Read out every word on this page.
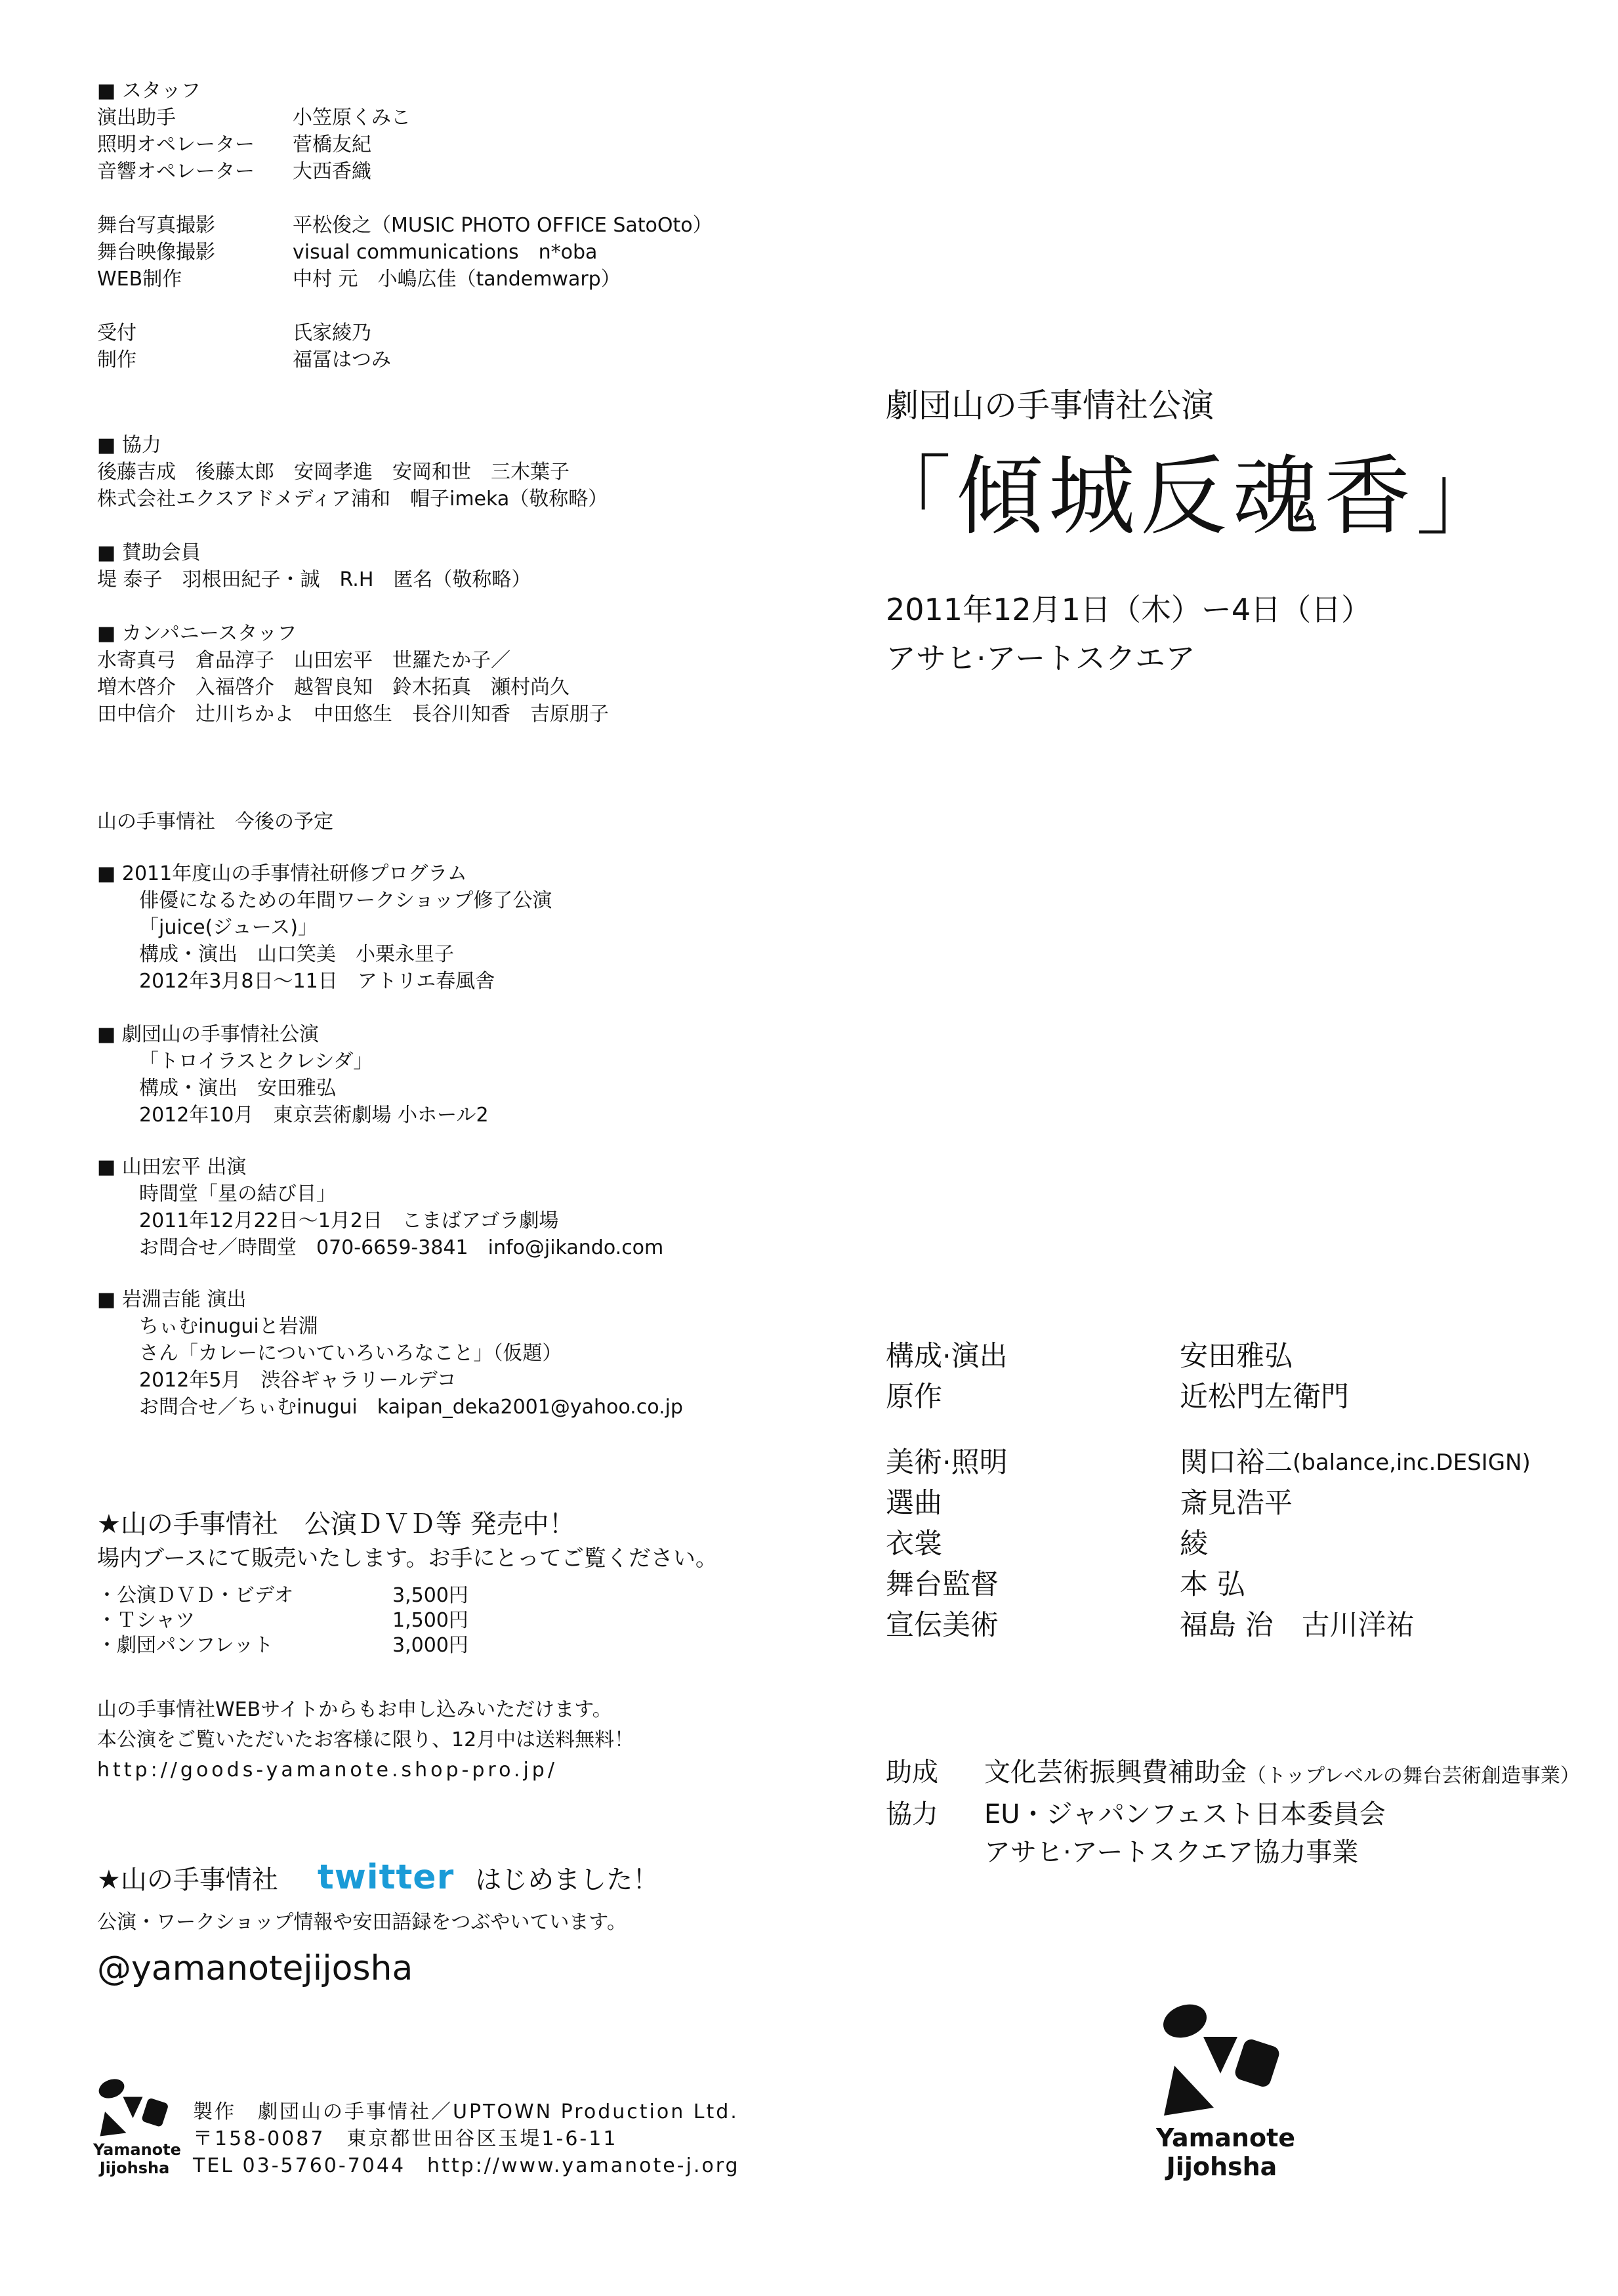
■ スタッフ
演出助手	小笠原くみこ
照明オペレーター	菅橋友紀
音響オペレーター	大西香織
舞台写真撮影	平松俊之（MUSIC PHOTO OFFICE SatoOto）
舞台映像撮影	visual communications　n*oba
WEB制作	中村 元　小嶋広佳（tandemwarp）
受付	氏家綾乃
制作	福冨はつみ
■ 協力
後藤吉成　後藤太郎　安岡孝進　安岡和世　三木葉子
株式会社エクスアドメディア浦和　帽子imeka（敬称略）
■ 賛助会員
堤 泰子　羽根田紀子・誠　R.H　匿名（敬称略）
■ カンパニースタッフ
水寄真弓　倉品淳子　山田宏平　世羅たか子／
増木啓介　入福啓介　越智良知　鈴木拓真　瀬村尚久
田中信介　辻川ちかよ　中田悠生　長谷川知香　吉原朋子
山の手事情社　今後の予定
■ 2011年度山の手事情社研修プログラム
俳優になるための年間ワークショップ修了公演
「juice(ジュース)」
構成・演出　山口笑美　小栗永里子
2012年3月8日～11日　アトリエ春風舎
■ 劇団山の手事情社公演
「トロイラスとクレシダ」
構成・演出　安田雅弘
2012年10月　東京芸術劇場 小ホール2
■ 山田宏平 出演
時間堂「星の結び目」
2011年12月22日～1月2日　こまばアゴラ劇場
お問合せ／時間堂　070-6659-3841　info@jikando.com
■ 岩淵吉能 演出
ちぃむinuguiと岩淵
さん「カレーについていろいろなこと」（仮題）
2012年5月　渋谷ギャラリールデコ
お問合せ／ちぃむinugui　kaipan_deka2001@yahoo.co.jp
★山の手事情社　公演ＤＶＤ等 発売中！
場内ブースにて販売いたします。お手にとってご覧ください。
・公演ＤＶＤ・ビデオ	3,500円
・Ｔシャツ	1,500円
・劇団パンフレット	3,000円
山の手事情社WEBサイトからもお申し込みいただけます。
本公演をご覧いただいたお客様に限り、12月中は送料無料！
http://goods-yamanote.shop-pro.jp/
★山の手事情社 twitter はじめました！
公演・ワークショップ情報や安田語録をつぶやいています。
@yamanotejijosha
Yamanote
Jijohsha
製作　劇団山の手事情社／UPTOWN Production Ltd.
〒158-0087　東京都世田谷区玉堤1-6-11
TEL 03-5760-7044　http://www.yamanote-j.org
劇団山の手事情社公演
「傾城反魂香」
2011年12月1日（木）ー4日（日）
アサヒ·アートスクエア
構成·演出	安田雅弘
原作	近松門左衛門
美術·照明	関口裕二 (balance,inc.DESIGN)
選曲	斎見浩平
衣裳	綾
舞台監督	本 弘
宣伝美術	福島 治　古川洋祐
助成	文化芸術振興費補助金 （トップレベルの舞台芸術創造事業）
協力	EU・ジャパンフェスト日本委員会
アサヒ·アートスクエア協力事業
Yamanote
Jijohsha
